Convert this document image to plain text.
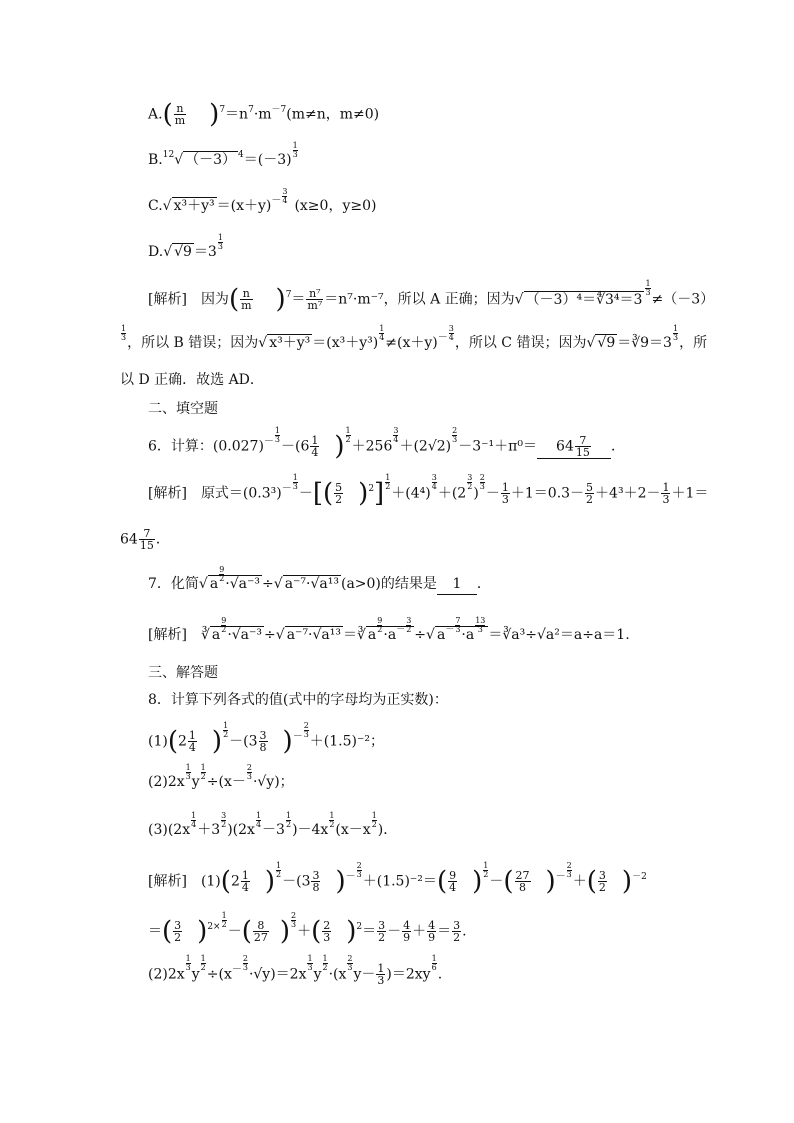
$A.( \frac{n}{m} )^7=n^7\cdot m^{-7}(m\ne n$，m≠0)
B.$^{12}$√ （－3） $^4$＝(－3)
$\frac{1}{3}$
C.√ $x^3+y^3 =(x+y)^- \frac{3}{4}$
(x≥0，y≥0)
D.√ √9 ＝3
$\frac{1}{3}$
[解析] 因为( $\frac{n}{m} )^7= \frac{\text{n⁷}}{\text{m⁷}} =n^7\cdot m^{-7}$，所以 A 正确；因为√ （－3）⁴＝∜3⁴＝3
$\frac{1}{3}$
≠（－3）
$\frac{1}{3}$
，所以 B 错误；因为√ x³＋y³ ＝(x³＋y³)
$\frac{1}{4}$
$\ne(x+y)^- \frac{3}{4}$
，所以 C 错误；因为√ √9 ＝∛9＝3
$\frac{1}{3}$
，所
以 D 正确．故选 AD．
二、填空题
6．计算：$(0.027)^- \frac{1}{3}$
$-(6 \frac{1}{4}$ ) $\frac{1}{2}$
＋256
$\frac{3}{4}$
＋(2√2)
$\frac{2}{3}$
$-3^{-1}+\pi^0= 64 \frac{7}{15}$ ．
[解析] 原式$=(0.3^3)^- \frac{1}{3}$
－[( $\frac{5}{2} )^2] \frac{1}{2}$
＋(4⁴)
$\frac{3}{4}$
＋(2
$\frac{3}{2}$
)
$\frac{2}{3}$
－ $\frac{1}{3} +1=0.3- \frac{5}{2} +4^3+2- \frac{1}{3} +1=$
$64 \frac{7}{15}$ ．
7．化简√ a
$\frac{9}{2}$
·√a⁻³ ÷√ a⁻⁷·√a¹³ (a>0)的结果是 1 ．
[解析] ∛ a
$\frac{9}{2}$
·√a⁻³ ÷√ a⁻⁷·√a¹³ ＝∛ a
$\frac{9}{2}$
$\cdot a^- \frac{3}{2}$
÷√ $a^- \frac{7}{3}$
·a
$\frac{13}{3}$
＝∛a³÷√a²＝a÷a＝1.
三、解答题
8．计算下列各式的值(式中的字母均为正实数)：
$(1)(2 \frac{1}{4}$ ) $\frac{1}{2}$
$-(3 \frac{3}{8} )^- \frac{2}{3}$
＋(1.5)⁻²；
(2)2x
$\frac{1}{3}$
y
$\frac{1}{2}$
÷(x－
$\frac{2}{3}$
·√y)；
(3)(2x
$\frac{1}{4}$
＋3
$\frac{3}{2}$
)(2x
$\frac{1}{4}$
－3
$\frac{1}{2}$
)－4x
$\frac{1}{2}$
(x－x
$\frac{1}{2}$
)．
[解析] $(1)(2 \frac{1}{4}$ ) $\frac{1}{2}$
$-(3 \frac{3}{8} )^- \frac{2}{3}$
$+(1.5)^{-2}=( \frac{9}{4}$ ) $\frac{1}{2}$
－( $\frac{27}{8} )^- \frac{2}{3}$
＋( $\frac{3}{2} )^{-2}$
＝( $\frac{3}{2} )^{2\times} \frac{1}{2}$
－( $\frac{8}{27}$ ) $\frac{2}{3}$
＋( $\frac{2}{3} )^2= \frac{3}{2} - \frac{4}{9} + \frac{4}{9} = \frac{3}{2}$ .
(2)2x
$\frac{1}{3}$
y
$\frac{1}{2}$
$\div(x^- \frac{2}{3}$
·√y)＝2x
$\frac{1}{3}$
y
$\frac{1}{2}$
·(x
$\frac{2}{3}$
$y- \frac{1}{3} )=2xy$
$\frac{1}{6}$
.
